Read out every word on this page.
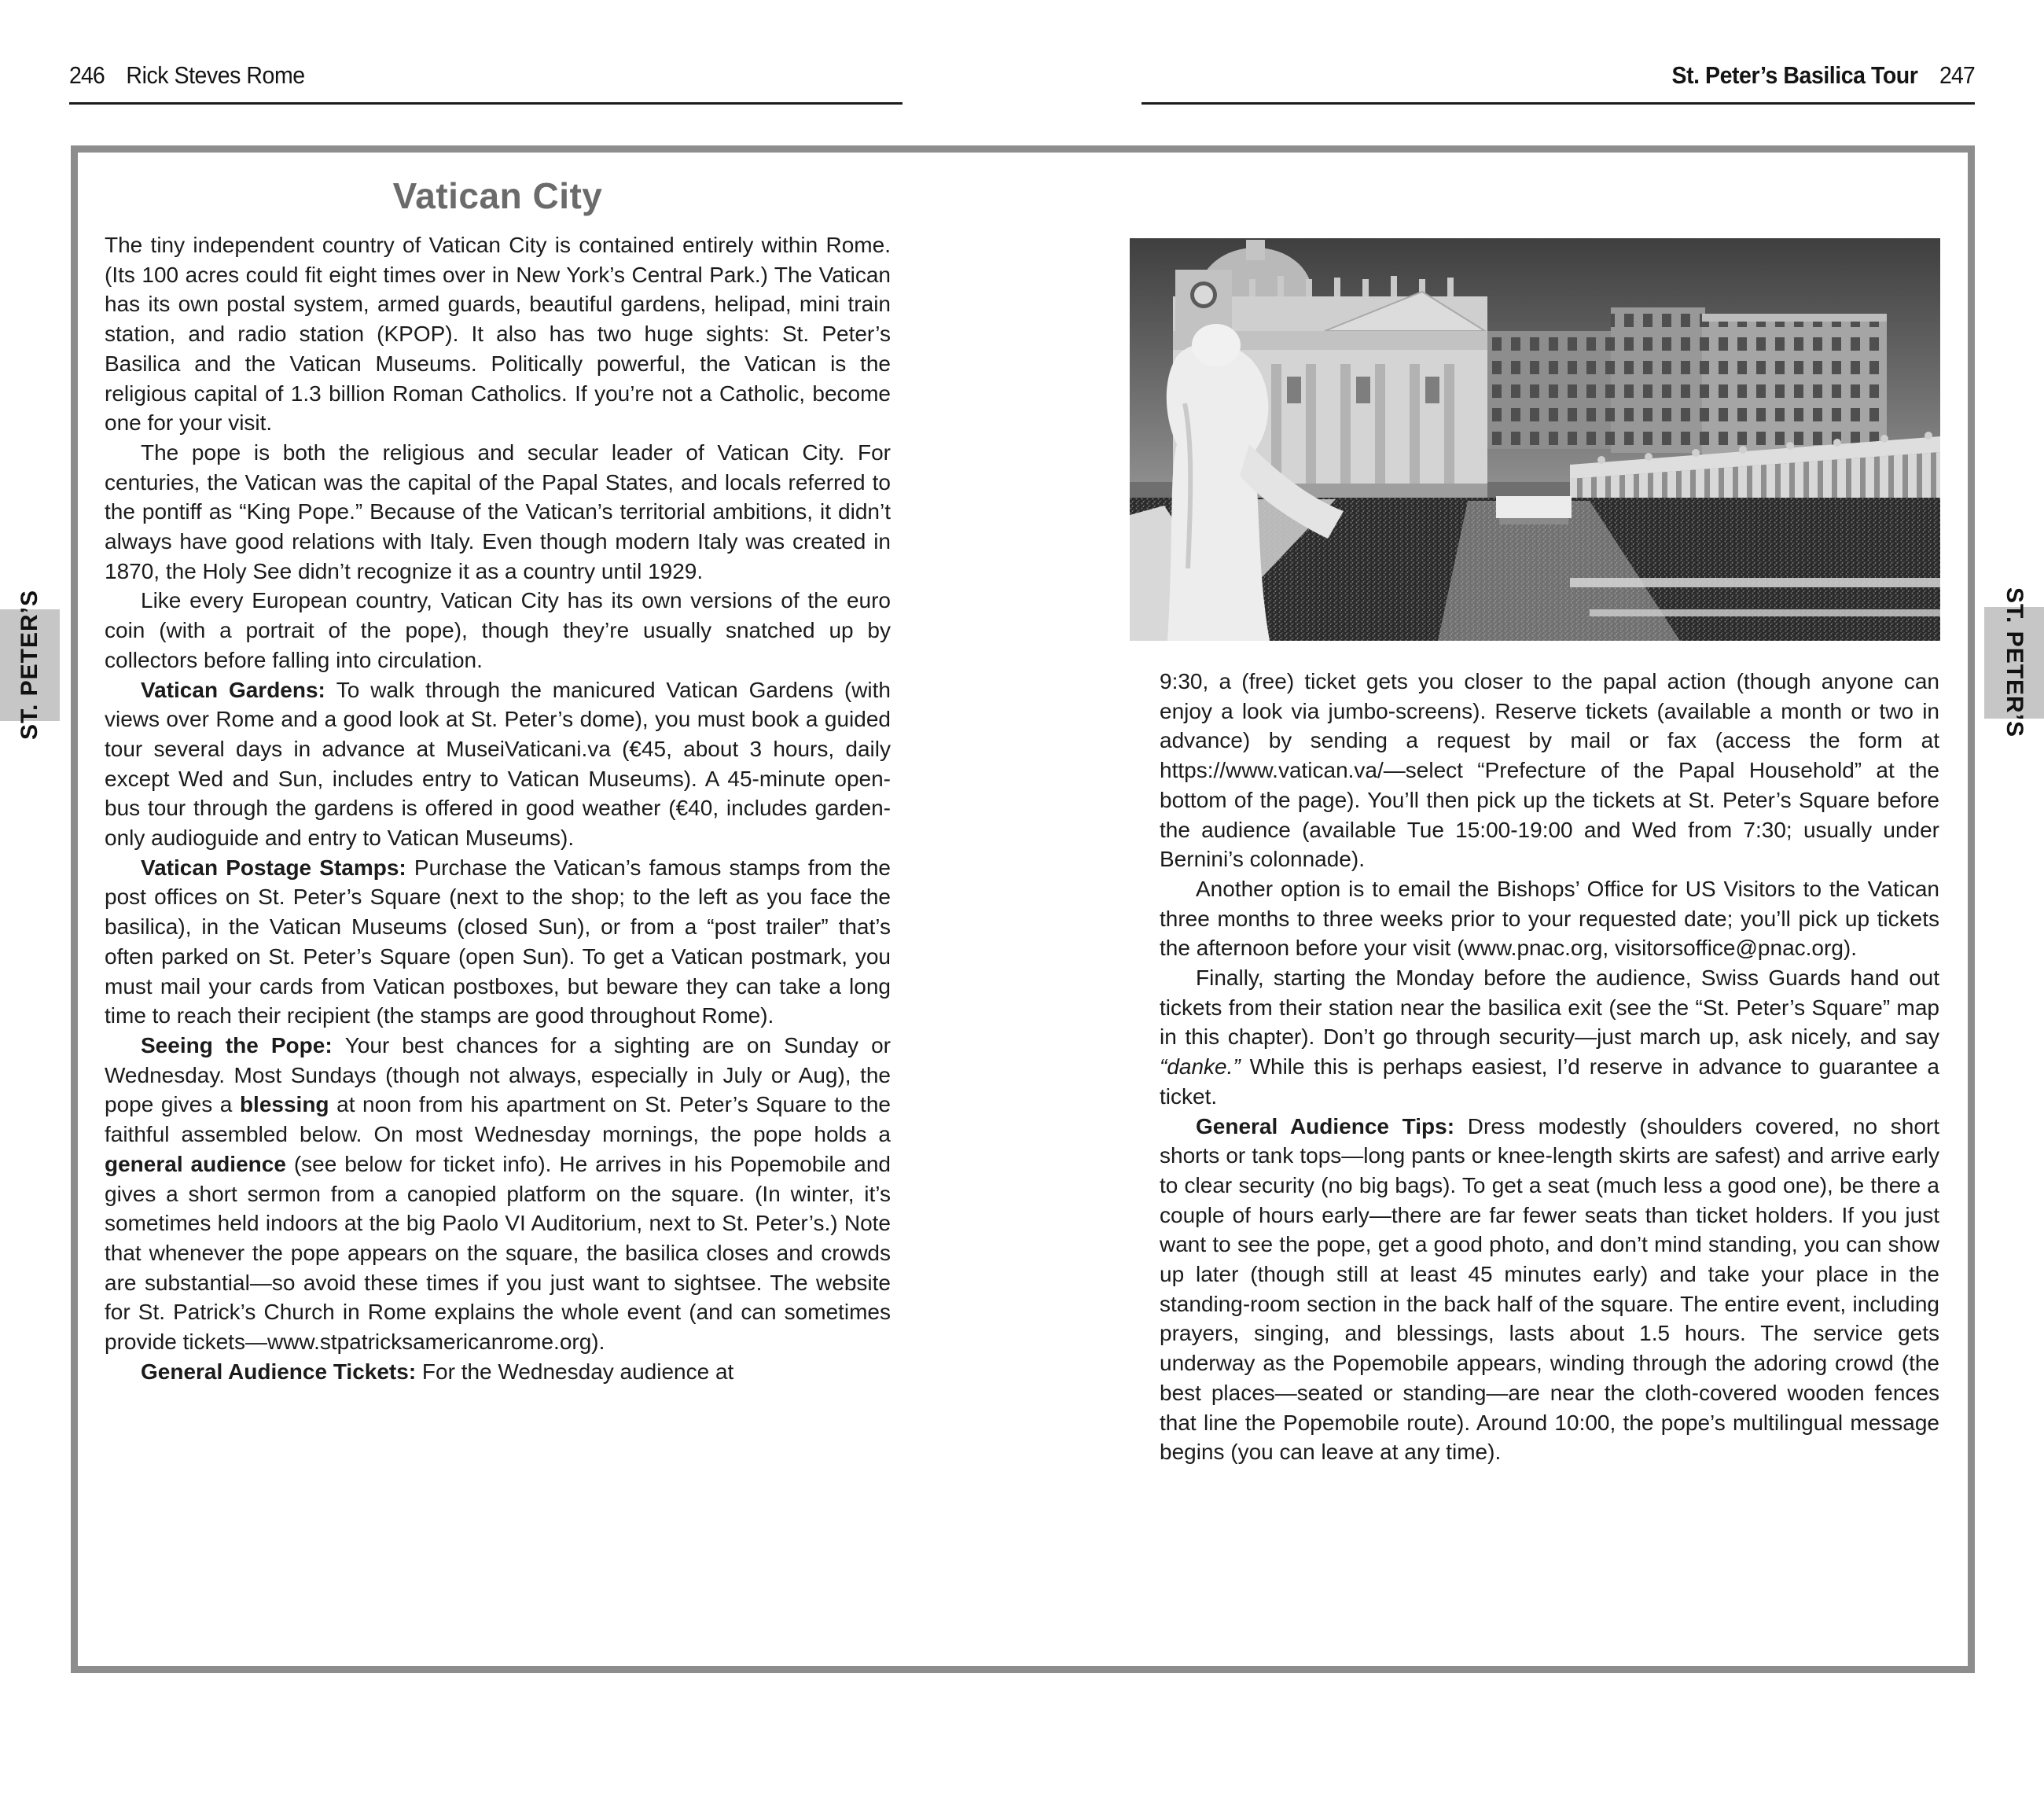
246 Rick Steves Rome	St. Peter’s Basilica Tour 247
Vatican City

The tiny independent country of Vatican City is contained entirely within Rome. (Its 100 acres could fit eight times over in New York’s Central Park.) The Vatican has its own postal system, armed guards, beautiful gardens, helipad, mini train station, and radio station (KPOP). It also has two huge sights: St. Peter’s Basilica and the Vatican Museums. Politically powerful, the Vatican is the religious capital of 1.3 billion Roman Catholics. If you’re not a Catholic, become one for your visit.

The pope is both the religious and secular leader of Vatican City. For centuries, the Vatican was the capital of the Papal States, and locals referred to the pontiff as “King Pope.” Because of the Vatican’s territorial ambitions, it didn’t always have good relations with Italy. Even though modern Italy was created in 1870, the Holy See didn’t recognize it as a country until 1929.

Like every European country, Vatican City has its own versions of the euro coin (with a portrait of the pope), though they’re usually snatched up by collectors before falling into circulation.

Vatican Gardens: To walk through the manicured Vatican Gardens (with views over Rome and a good look at St. Peter’s dome), you must book a guided tour several days in advance at MuseiVaticani.va (€45, about 3 hours, daily except Wed and Sun, includes entry to Vatican Museums). A 45-minute open-bus tour through the gardens is offered in good weather (€40, includes garden-only audioguide and entry to Vatican Museums).

Vatican Postage Stamps: Purchase the Vatican’s famous stamps from the post offices on St. Peter’s Square (next to the shop; to the left as you face the basilica), in the Vatican Museums (closed Sun), or from a “post trailer” that’s often parked on St. Peter’s Square (open Sun). To get a Vatican postmark, you must mail your cards from Vatican postboxes, but beware they can take a long time to reach their recipient (the stamps are good throughout Rome).

Seeing the Pope: Your best chances for a sighting are on Sunday or Wednesday. Most Sundays (though not always, especially in July or Aug), the pope gives a blessing at noon from his apartment on St. Peter’s Square to the faithful assembled below. On most Wednesday mornings, the pope holds a general audience (see below for ticket info). He arrives in his Popemobile and gives a short sermon from a canopied platform on the square. (In winter, it’s sometimes held indoors at the big Paolo VI Auditorium, next to St. Peter’s.) Note that whenever the pope appears on the square, the basilica closes and crowds are substantial—so avoid these times if you just want to sightsee. The website for St. Patrick’s Church in Rome explains the whole event (and can sometimes provide tickets—www.stpatricksamericanrome.org).

General Audience Tickets: For the Wednesday audience at

9:30, a (free) ticket gets you closer to the papal action (though anyone can enjoy a look via jumbo-screens). Reserve tickets (available a month or two in advance) by sending a request by mail or fax (access the form at https://www.vatican.va/—select “Prefecture of the Papal Household” at the bottom of the page). You’ll then pick up the tickets at St. Peter’s Square before the audience (available Tue 15:00-19:00 and Wed from 7:30; usually under Bernini’s colonnade).

Another option is to email the Bishops’ Office for US Visitors to the Vatican three months to three weeks prior to your requested date; you’ll pick up tickets the afternoon before your visit (www.pnac.org, visitorsoffice@pnac.org).

Finally, starting the Monday before the audience, Swiss Guards hand out tickets from their station near the basilica exit (see the “St. Peter’s Square” map in this chapter). Don’t go through security—just march up, ask nicely, and say “danke.” While this is perhaps easiest, I’d reserve in advance to guarantee a ticket.

General Audience Tips: Dress modestly (shoulders covered, no short shorts or tank tops—long pants or knee-length skirts are safest) and arrive early to clear security (no big bags). To get a seat (much less a good one), be there a couple of hours early—there are far fewer seats than ticket holders. If you just want to see the pope, get a good photo, and don’t mind standing, you can show up later (though still at least 45 minutes early) and take your place in the standing-room section in the back half of the square. The entire event, including prayers, singing, and blessings, lasts about 1.5 hours. The service gets underway as the Popemobile appears, winding through the adoring crowd (the best places—seated or standing—are near the cloth-covered wooden fences that line the Popemobile route). Around 10:00, the pope’s multilingual message begins (you can leave at any time).

ST. PETER’S	ST. PETER’S
